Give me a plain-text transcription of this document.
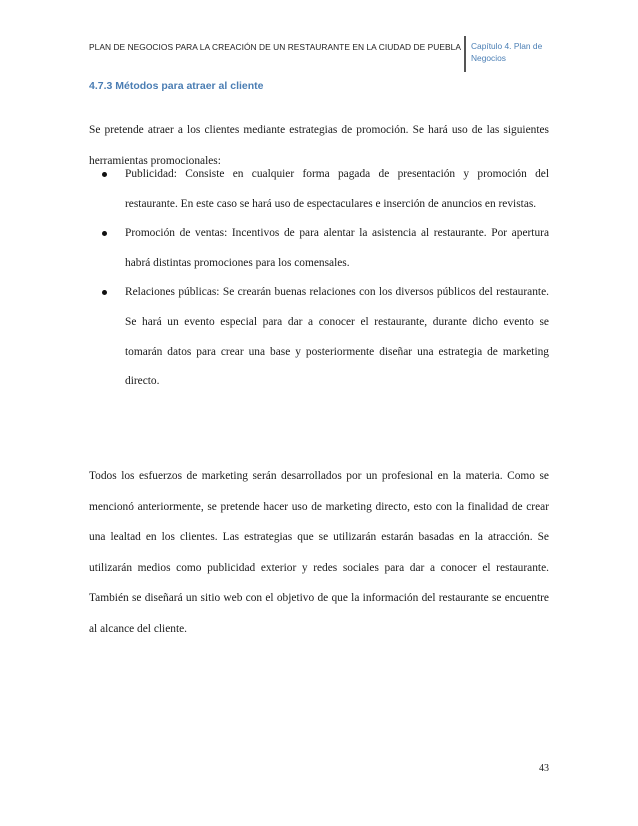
PLAN DE NEGOCIOS PARA LA CREACIÓN DE UN RESTAURANTE EN LA CIUDAD DE PUEBLA Capítulo 4. Plan de Negocios
4.7.3 Métodos para atraer al cliente

Se pretende atraer a los clientes mediante estrategias de promoción. Se hará uso de las siguientes herramientas promocionales:

Publicidad: Consiste en cualquier forma pagada de presentación y promoción del restaurante. En este caso se hará uso de espectaculares e inserción de anuncios en revistas.
Promoción de ventas: Incentivos de para alentar la asistencia al restaurante. Por apertura habrá distintas promociones para los comensales.
Relaciones públicas: Se crearán buenas relaciones con los diversos públicos del restaurante. Se hará un evento especial para dar a conocer el restaurante, durante dicho evento se tomarán datos para crear una base y posteriormente diseñar una estrategia de marketing directo.

Todos los esfuerzos de marketing serán desarrollados por un profesional en la materia. Como se mencionó anteriormente, se pretende hacer uso de marketing directo, esto con la finalidad de crear una lealtad en los clientes. Las estrategias que se utilizarán estarán basadas en la atracción. Se utilizarán medios como publicidad exterior y redes sociales para dar a conocer el restaurante. También se diseñará un sitio web con el objetivo de que la información del restaurante se encuentre al alcance del cliente.

43
